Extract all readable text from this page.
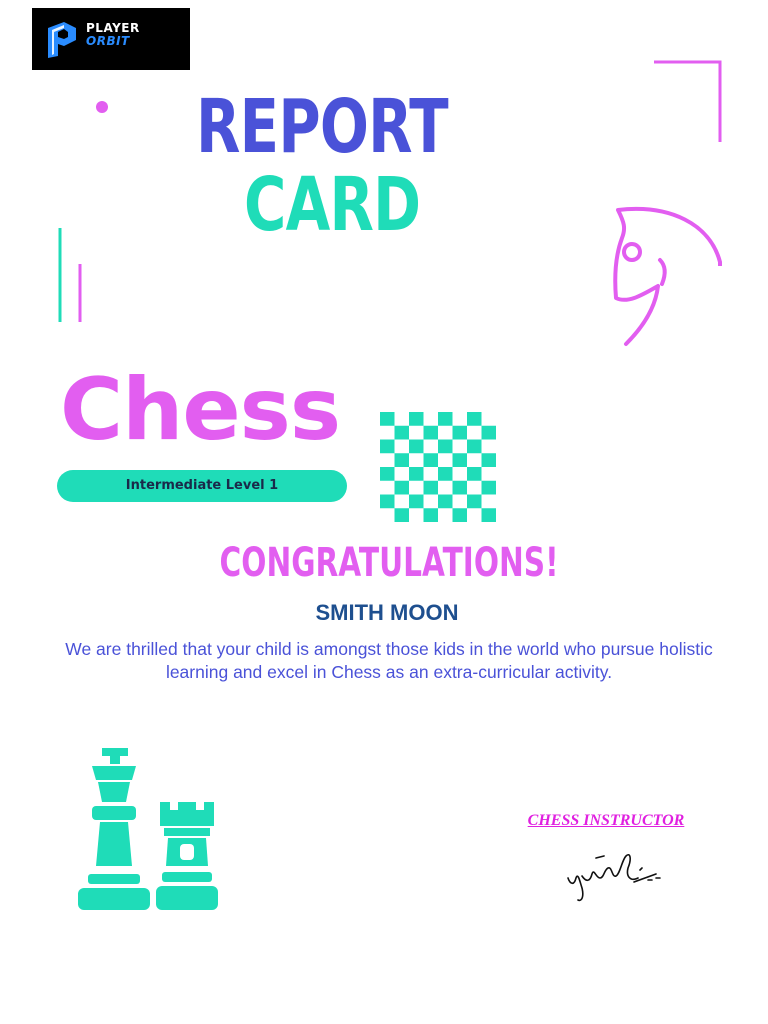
PLAYER
ORBIT
REPORT
CARD
Chess
Intermediate Level 1
CONGRATULATIONS!
SMITH MOON
We are thrilled that your child is amongst those kids in the world who pursue holistic learning and excel in Chess as an extra-curricular activity.
CHESS INSTRUCTOR
